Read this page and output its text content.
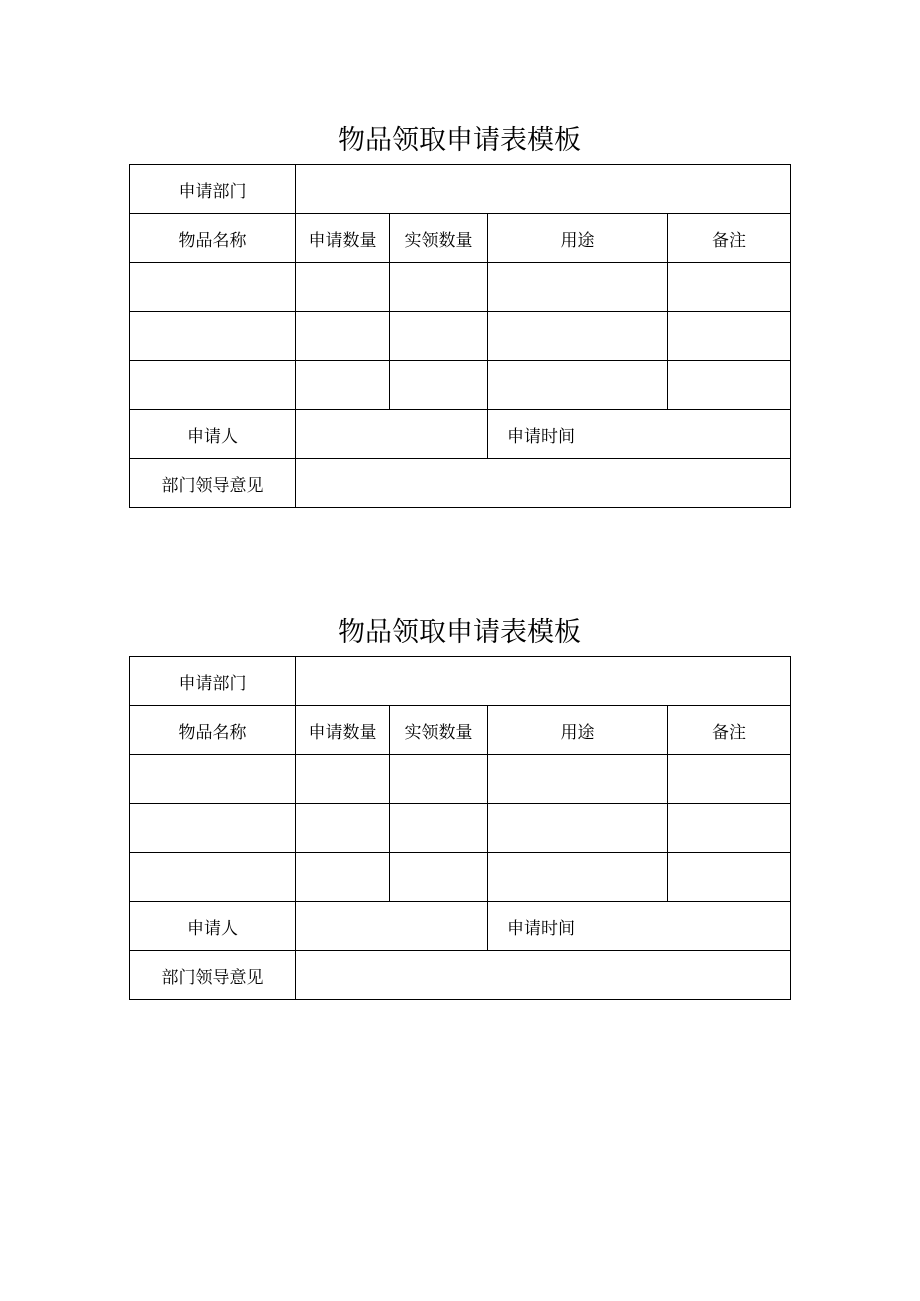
物品领取申请表模板
申请部门				
物品名称	申请数量	实领数量	用途	备注

申请人			申请时间	
部门领导意见				
物品领取申请表模板
申请部门				
物品名称	申请数量	实领数量	用途	备注

申请人			申请时间	
部门领导意见				
